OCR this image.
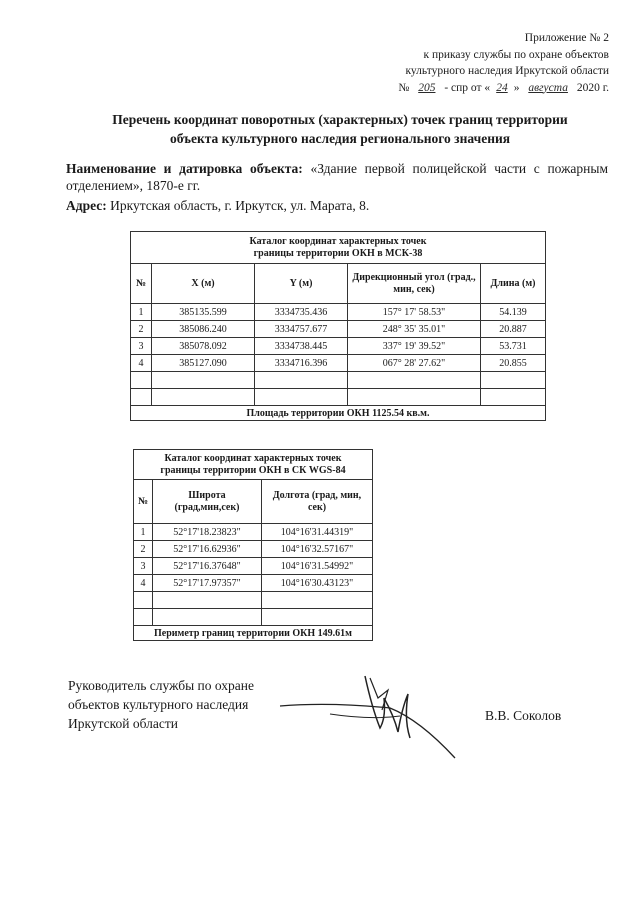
Приложение № 2
к приказу службы по охране объектов
культурного наследия Иркутской области
№ 205 - спр от « 24 » августа 2020 г.
Перечень координат поворотных (характерных) точек границ территории
объекта культурного наследия регионального значения
Наименование и датировка объекта: «Здание первой полицейской части с пожарным отделением», 1870-е гг.
Адрес: Иркутская область, г. Иркутск, ул. Марата, 8.
Каталог координат характерных точек
границы территории ОКН в МСК-38				

№	X (м)	Y (м)	Дирекционный угол (град., мин, сек)	Длина (м)
1	385135.599	3334735.436	157° 17' 58.53"	54.139
2	385086.240	3334757.677	248° 35' 35.01"	20.887
3	385078.092	3334738.445	337° 19' 39.52"	53.731
4	385127.090	3334716.396	067° 28' 27.62"	20.855

Площадь территории ОКН 1125.54 кв.м.				
Каталог координат характерных точек
границы территории ОКН в СК WGS-84		

№	Широта (град,мин,сек)	Долгота (град, мин, сек)
1	52°17'18.23823"	104°16'31.44319"
2	52°17'16.62936"	104°16'32.57167"
3	52°17'16.37648"	104°16'31.54992"
4	52°17'17.97357"	104°16'30.43123"

Периметр границ территории ОКН 149.61м		
Руководитель службы по охране
объектов культурного наследия
Иркутской области
В.В. Соколов
